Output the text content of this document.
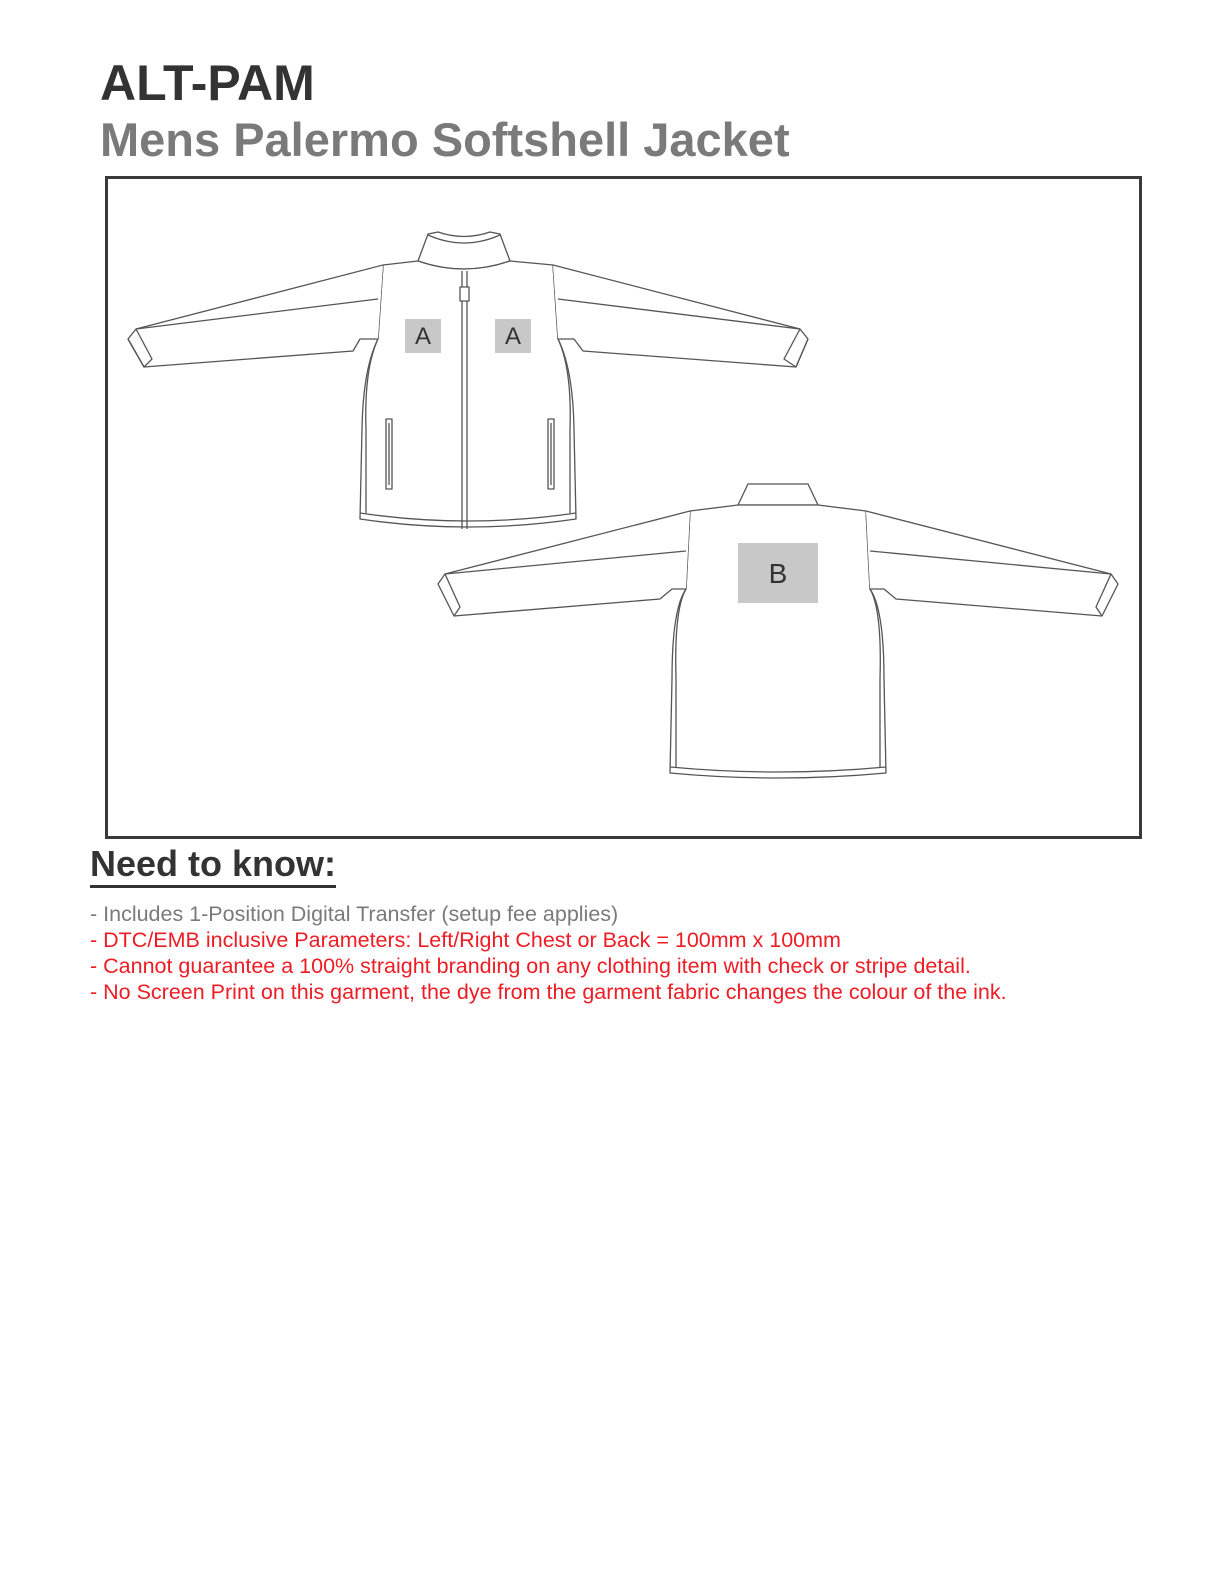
ALT-PAM
Mens Palermo Softshell Jacket
A	A
B
Need to know:
- Includes 1-Position Digital Transfer (setup fee applies)
- DTC/EMB inclusive Parameters: Left/Right Chest or Back = 100mm x 100mm
- Cannot guarantee a 100% straight branding on any clothing item with check or stripe detail.
- No Screen Print on this garment, the dye from the garment fabric changes the colour of the ink.
